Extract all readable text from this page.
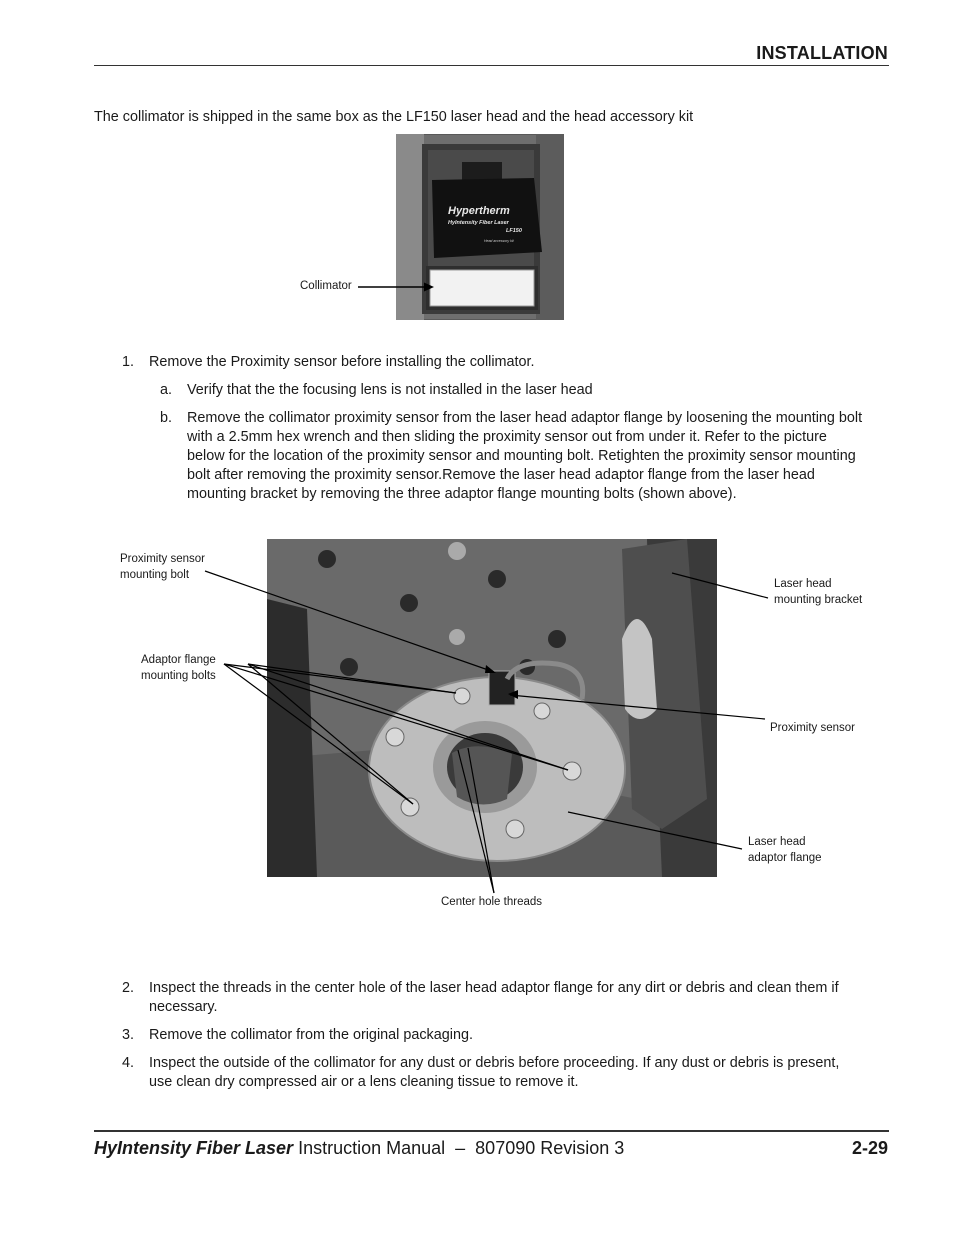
INSTALLATION
The collimator is shipped in the same box as the LF150 laser head and the head accessory kit
Collimator
Hypertherm
HyIntensity Fiber Laser
LF150
Head accessory kit
1. Remove the Proximity sensor before installing the collimator.
a. Verify that the the focusing lens is not installed in the laser head
b. Remove the collimator proximity sensor from the laser head adaptor flange by loosening the mounting bolt
with a 2.5mm hex wrench and then sliding the proximity sensor out from under it. Refer to the picture
below for the location of the proximity sensor and mounting bolt. Retighten the proximity sensor mounting
bolt after removing the proximity sensor.Remove the laser head adaptor flange from the laser head
mounting bracket by removing the three adaptor flange mounting bolts (shown above).
Proximity sensor
mounting bolt
Adaptor flange
mounting bolts
Laser head
mounting bracket
Proximity sensor
Laser head
adaptor flange
Center hole threads
2. Inspect the threads in the center hole of the laser head adaptor flange for any dirt or debris and clean them if
necessary.
3. Remove the collimator from the original packaging.
4. Inspect the outside of the collimator for any dust or debris before proceeding. If any dust or debris is present,
use clean dry compressed air or a lens cleaning tissue to remove it.
HyIntensity Fiber Laser Instruction Manual  –  807090 Revision 3	2-29
